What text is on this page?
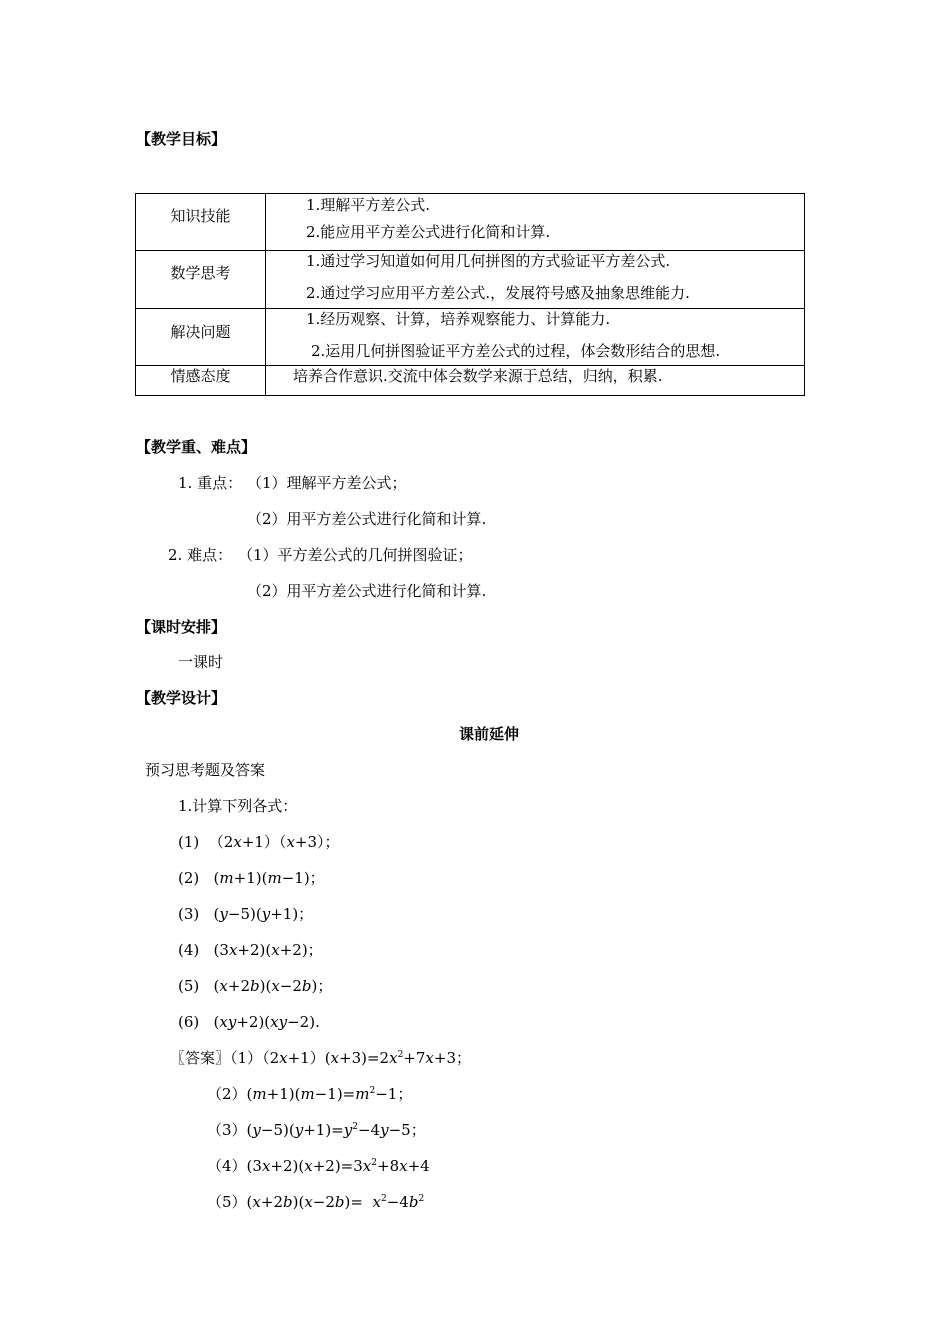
【教学目标】
知识技能	1.理解平方差公式.
2.能应用平方差公式进行化简和计算.

数学思考	1.通过学习知道如何用几何拼图的方式验证平方差公式.
2.通过学习应用平方差公式.，发展符号感及抽象思维能力.

解决问题	1.经历观察、计算，培养观察能力、计算能力.
2.运用几何拼图验证平方差公式的过程，体会数形结合的思想.

情感态度	培养合作意识.交流中体会数学来源于总结，归纳，积累.
【教学重、难点】
1. 重点： （1）理解平方差公式；
（2）用平方差公式进行化简和计算.
2. 难点： （1）平方差公式的几何拼图验证；
（2）用平方差公式进行化简和计算.
【课时安排】
一课时
【教学设计】
课前延伸
预习思考题及答案
1.计算下列各式：
(1)  （2x+1）（x+3）；
(2)   (m+1)(m−1)；
(3)   (y−5)(y+1)；
(4)   (3x+2)(x+2)；
(5)   (x+2b)(x−2b)；
(6)   (xy+2)(xy−2).
〖答案〗$(1)(2x+1)(x+3)=2x^2+7x+3$；
$(2)(m+1)(m-1)=m^2-1$；
$(3)(y-5)(y+1)=y^2-4y-5$；
$(4)(3x+2)(x+2)=3x^2+8x+4$
$(5)(x+2b)(x-2b)= x^2-4b^2$
